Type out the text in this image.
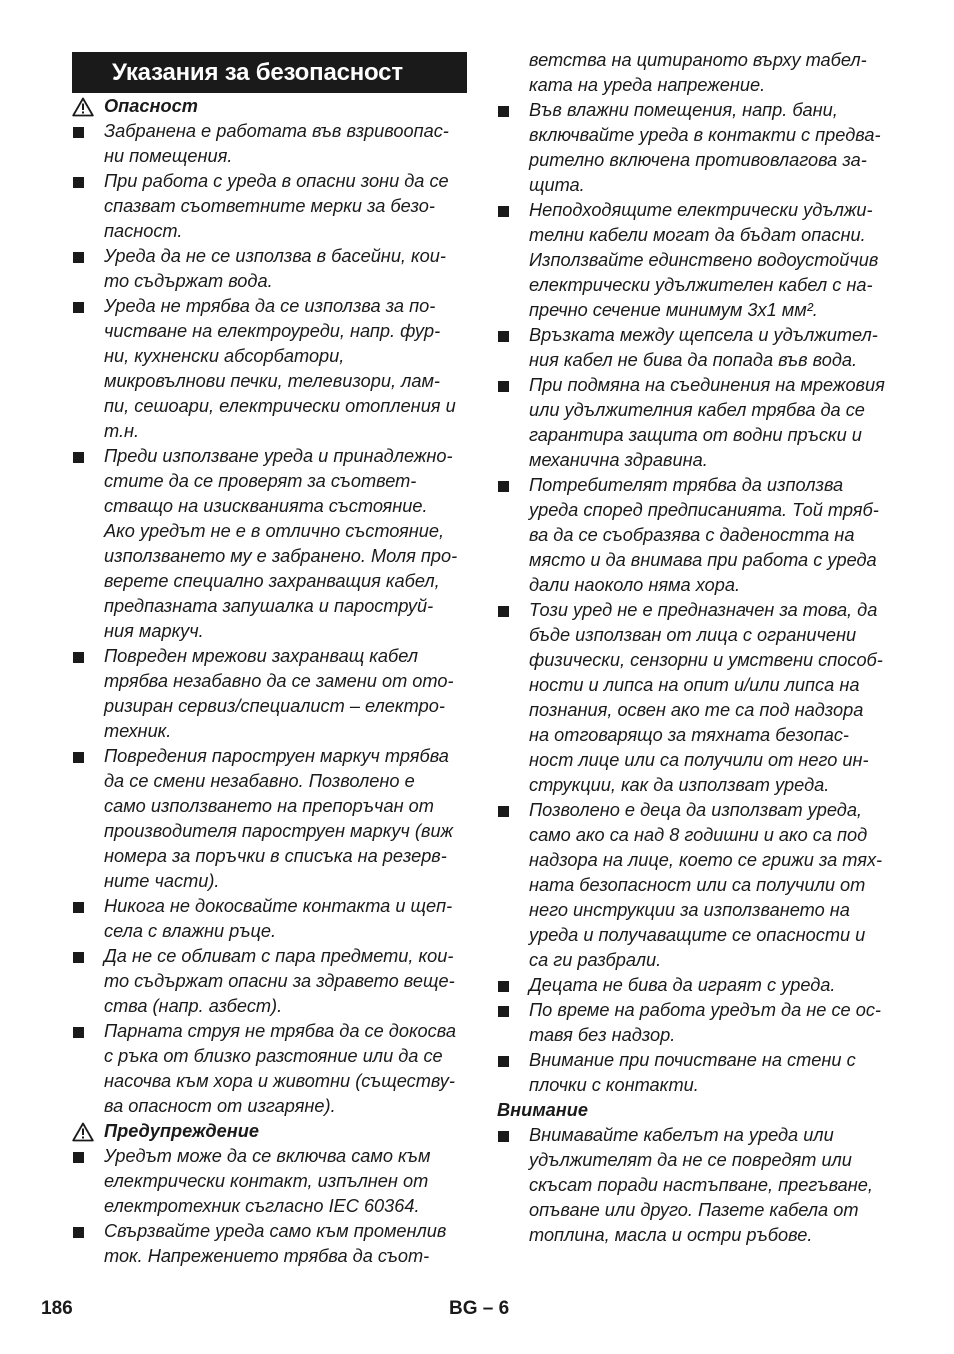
Указания за безопасност
Опасност
Забранена е работата във взривоопас-
ни помещения.
При работа с уреда в опасни зони да се
спазват съответните мерки за безо-
пасност.
Уреда да не се използва в басейни, кои-
то съдържат вода.
Уреда не трябва да се използва за по-
чистване на електроуреди, напр. фур-
ни, кухненски абсорбатори,
микровълнови печки, телевизори, лам-
пи, сешоари, електрически отопления и
т.н.
Преди използване уреда и принадлежно-
стите да се проверят за съответ-
стващо на изискванията състояние.
Ако уредът не е в отлично състояние,
използването му е забранено. Моля про-
верете специално захранващия кабел,
предпазната запушалка и пароструй-
ния маркуч.
Повреден мрежови захранващ кабел
трябва незабавно да се замени от ото-
ризиран сервиз/специалист – електро-
техник.
Повредения пароструен маркуч трябва
да се смени незабавно. Позволено е
само използването на препоръчан от
производителя пароструен маркуч (виж
номера за поръчки в списъка на резерв-
ните части).
Никога не докосвайте контакта и щеп-
села с влажни ръце.
Да не се обливат с пара предмети, кои-
то съдържат опасни за здравето веще-
ства (напр. азбест).
Парната струя не трябва да се докосва
с ръка от близко разстояние или да се
насочва към хора и животни (съществу-
ва опасност от изгаряне).
Предупреждение
Уредът може да се включва само към
електрически контакт, изпълнен от
електротехник съгласно IEC 60364.
Свързвайте уреда само към променлив
ток. Напрежението трябва да съот-
ветства на цитираното върху табел-
ката на уреда напрежение.
Във влажни помещения, напр. бани,
включвайте уреда в контакти с предва-
рително включена противовлагова за-
щита.
Неподходящите електрически удължи-
телни кабели могат да бъдат опасни.
Използвайте единствено водоустойчив
електрически удължителен кабел с на-
пречно сечение минимум 3x1 мм².
Връзката между щепсела и удължител-
ния кабел не бива да попада във вода.
При подмяна на съединения на мрежовия
или удължителния кабел трябва да се
гарантира защита от водни пръски и
механична здравина.
Потребителят трябва да използва
уреда според предписанията. Той тряб-
ва да се съобразява с дадеността на
място и да внимава при работа с уреда
дали наоколо няма хора.
Този уред не е предназначен за това, да
бъде използван от лица с ограничени
физически, сензорни и умствени способ-
ности и липса на опит и/или липса на
познания, освен ако те са под надзора
на отговарящо за тяхната безопас-
ност лице или са получили от него ин-
струкции, как да използват уреда.
Позволено е деца да използват уреда,
само ако са над 8 годишни и ако са под
надзора на лице, което се грижи за тях-
ната безопасност или са получили от
него инструкции за използването на
уреда и получаващите се опасности и
са ги разбрали.
Децата не бива да играят с уреда.
По време на работа уредът да не се ос-
тавя без надзор.
Внимание при почистване на стени с
плочки с контакти.
Внимание
Внимавайте кабелът на уреда или
удължителят да не се повредят или
скъсат поради настъпване, прегъване,
опъване или друго. Пазете кабела от
топлина, масла и остри ръбове.
186	BG – 6
